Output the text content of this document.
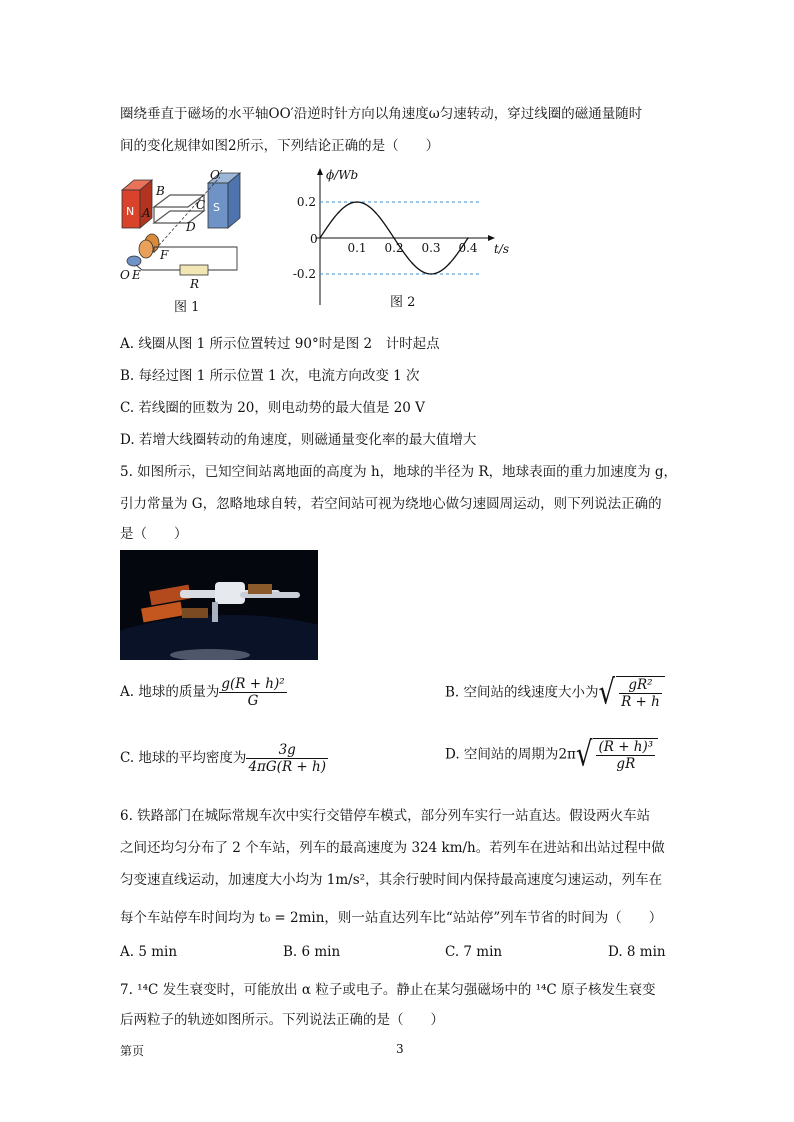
圈绕垂直于磁场的水平轴OO′沿逆时针方向以角速度ω匀速转动，穿过线圈的磁通量随时
间的变化规律如图2所示，下列结论正确的是（　　）
O′
B
A
C
D
F
O E
R
N	S
图 1
0.2
-0.2
0.1 0.2 0.3 0.4
ϕ/Wb
t/s
0
图 2
A. 线圈从图 1 所示位置转过 90°时是图 2　计时起点
B. 每经过图 1 所示位置 1 次，电流方向改变 1 次
C. 若线圈的匝数为 20，则电动势的最大值是 20 V
D. 若增大线圈转动的角速度，则磁通量变化率的最大值增大
5. 如图所示，已知空间站离地面的高度为 h，地球的半径为 R，地球表面的重力加速度为 g，
引力常量为 G，忽略地球自转，若空间站可视为绕地心做匀速圆周运动，则下列说法正确的
是（　　）
A. 地球的质量为 $\frac{\text{g(R + h)²}}{G}$	B. 空间站的线速度大小为√ $\frac{\text{gR²}}{R + h}$
C. 地球的平均密度为 $\frac{3g}{4\pi G(R + h)}$	D. 空间站的周期为$2\pi√ \frac{\text{(R + h)³}}{gR}$
6. 铁路部门在城际常规车次中实行交错停车模式，部分列车实行一站直达。假设两火车站
之间还均匀分布了 2 个车站，列车的最高速度为 324 km/h。若列车在进站和出站过程中做
匀变速直线运动，加速度大小均为 1m/s²，其余行驶时间内保持最高速度匀速运动，列车在
每个车站停车时间均为 t₀ = 2min，则一站直达列车比“站站停”列车节省的时间为（　　）
A. 5 min	B. 6 min	C. 7 min	D. 8 min
7. ¹⁴C 发生衰变时，可能放出 α 粒子或电子。静止在某匀强磁场中的 ¹⁴C 原子核发生衰变
后两粒子的轨迹如图所示。下列说法正确的是（　　）
第页	3
